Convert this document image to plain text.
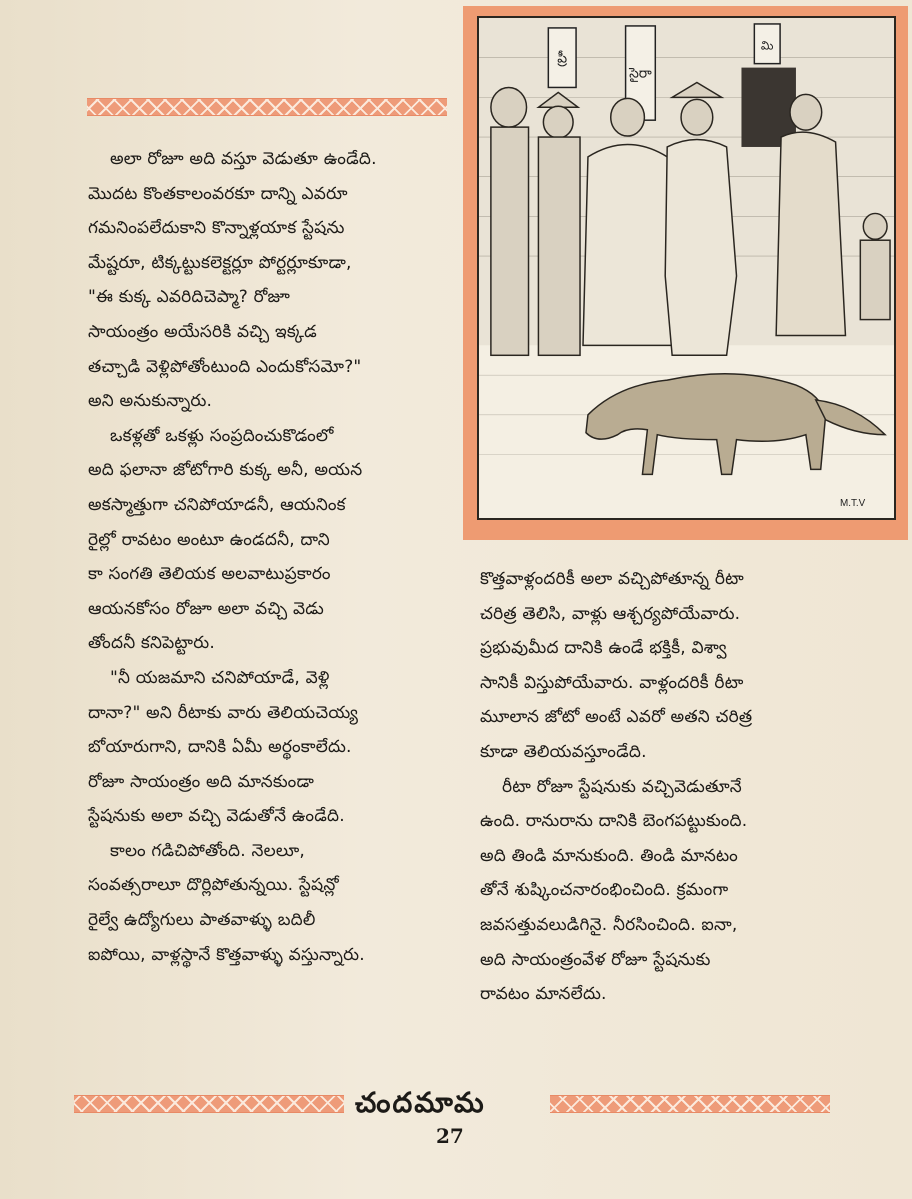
ప్రీ
సైరా
మి
M.T.V
అలా రోజూ అది వస్తూ వెడుతూ ఉండేది.
మొదట కొంతకాలంవరకూ దాన్ని ఎవరూ
గమనింపలేదుకాని కొన్నాళ్లయాక స్టేషను
మేష్టరూ, టిక్కట్టుకలెక్టర్లూ పోర్టర్లూకూడా,
"ఈ కుక్క ఎవరిదిచెప్మా? రోజూ
సాయంత్రం అయేసరికి వచ్చి ఇక్కడ
తచ్చాడి వెళ్లిపోతోంటుంది ఎందుకోసమో?"
అని అనుకున్నారు.
ఒకళ్లతో ఒకళ్లు సంప్రదించుకొడంలో
అది ఫలానా జోటోగారి కుక్క అనీ, అయన
అకస్మాత్తుగా చనిపోయాడనీ, ఆయనింక
రైల్లో రావటం అంటూ ఉండదనీ, దాని
కా సంగతి తెలియక అలవాటుప్రకారం
ఆయనకోసం రోజూ అలా వచ్చి వెడు
తోందనీ కనిపెట్టారు.
"నీ యజమాని చనిపోయాడే, వెళ్లి
దానా?" అని రీటాకు వారు తెలియచెయ్య
బోయారుగాని, దానికి ఏమీ అర్థంకాలేదు.
రోజూ సాయంత్రం అది మానకుండా
స్టేషనుకు అలా వచ్చి వెడుతోనే ఉండేది.
కాలం గడిచిపోతోంది. నెలలూ,
సంవత్సరాలూ దొర్లిపోతున్నయి. స్టేషన్లో
రైల్వే ఉద్యోగులు పాతవాళ్ళు బదిలీ
ఐపోయి, వాళ్లస్థానే కొత్తవాళ్ళు వస్తున్నారు.
కొత్తవాళ్లందరికీ అలా వచ్చిపోతూన్న రీటా
చరిత్ర తెలిసి, వాళ్లు ఆశ్చర్యపోయేవారు.
ప్రభువుమీద దానికి ఉండే భక్తికీ, విశ్వా
సానికీ విస్తుపోయేవారు. వాళ్లందరికీ రీటా
మూలాన జోటో అంటే ఎవరో అతని చరిత్ర
కూడా తెలియవస్తూండేది.
రీటా రోజూ స్టేషనుకు వచ్చివెడుతూనే
ఉంది. రానురాను దానికి బెంగపట్టుకుంది.
అది తిండి మానుకుంది. తిండి మానటం
తోనే శుష్కించనారంభించింది. క్రమంగా
జవసత్తువలుడిగినై. నీరసించింది. ఐనా,
అది సాయంత్రంవేళ రోజూ స్టేషనుకు
రావటం మానలేదు.
చందమామ
27
